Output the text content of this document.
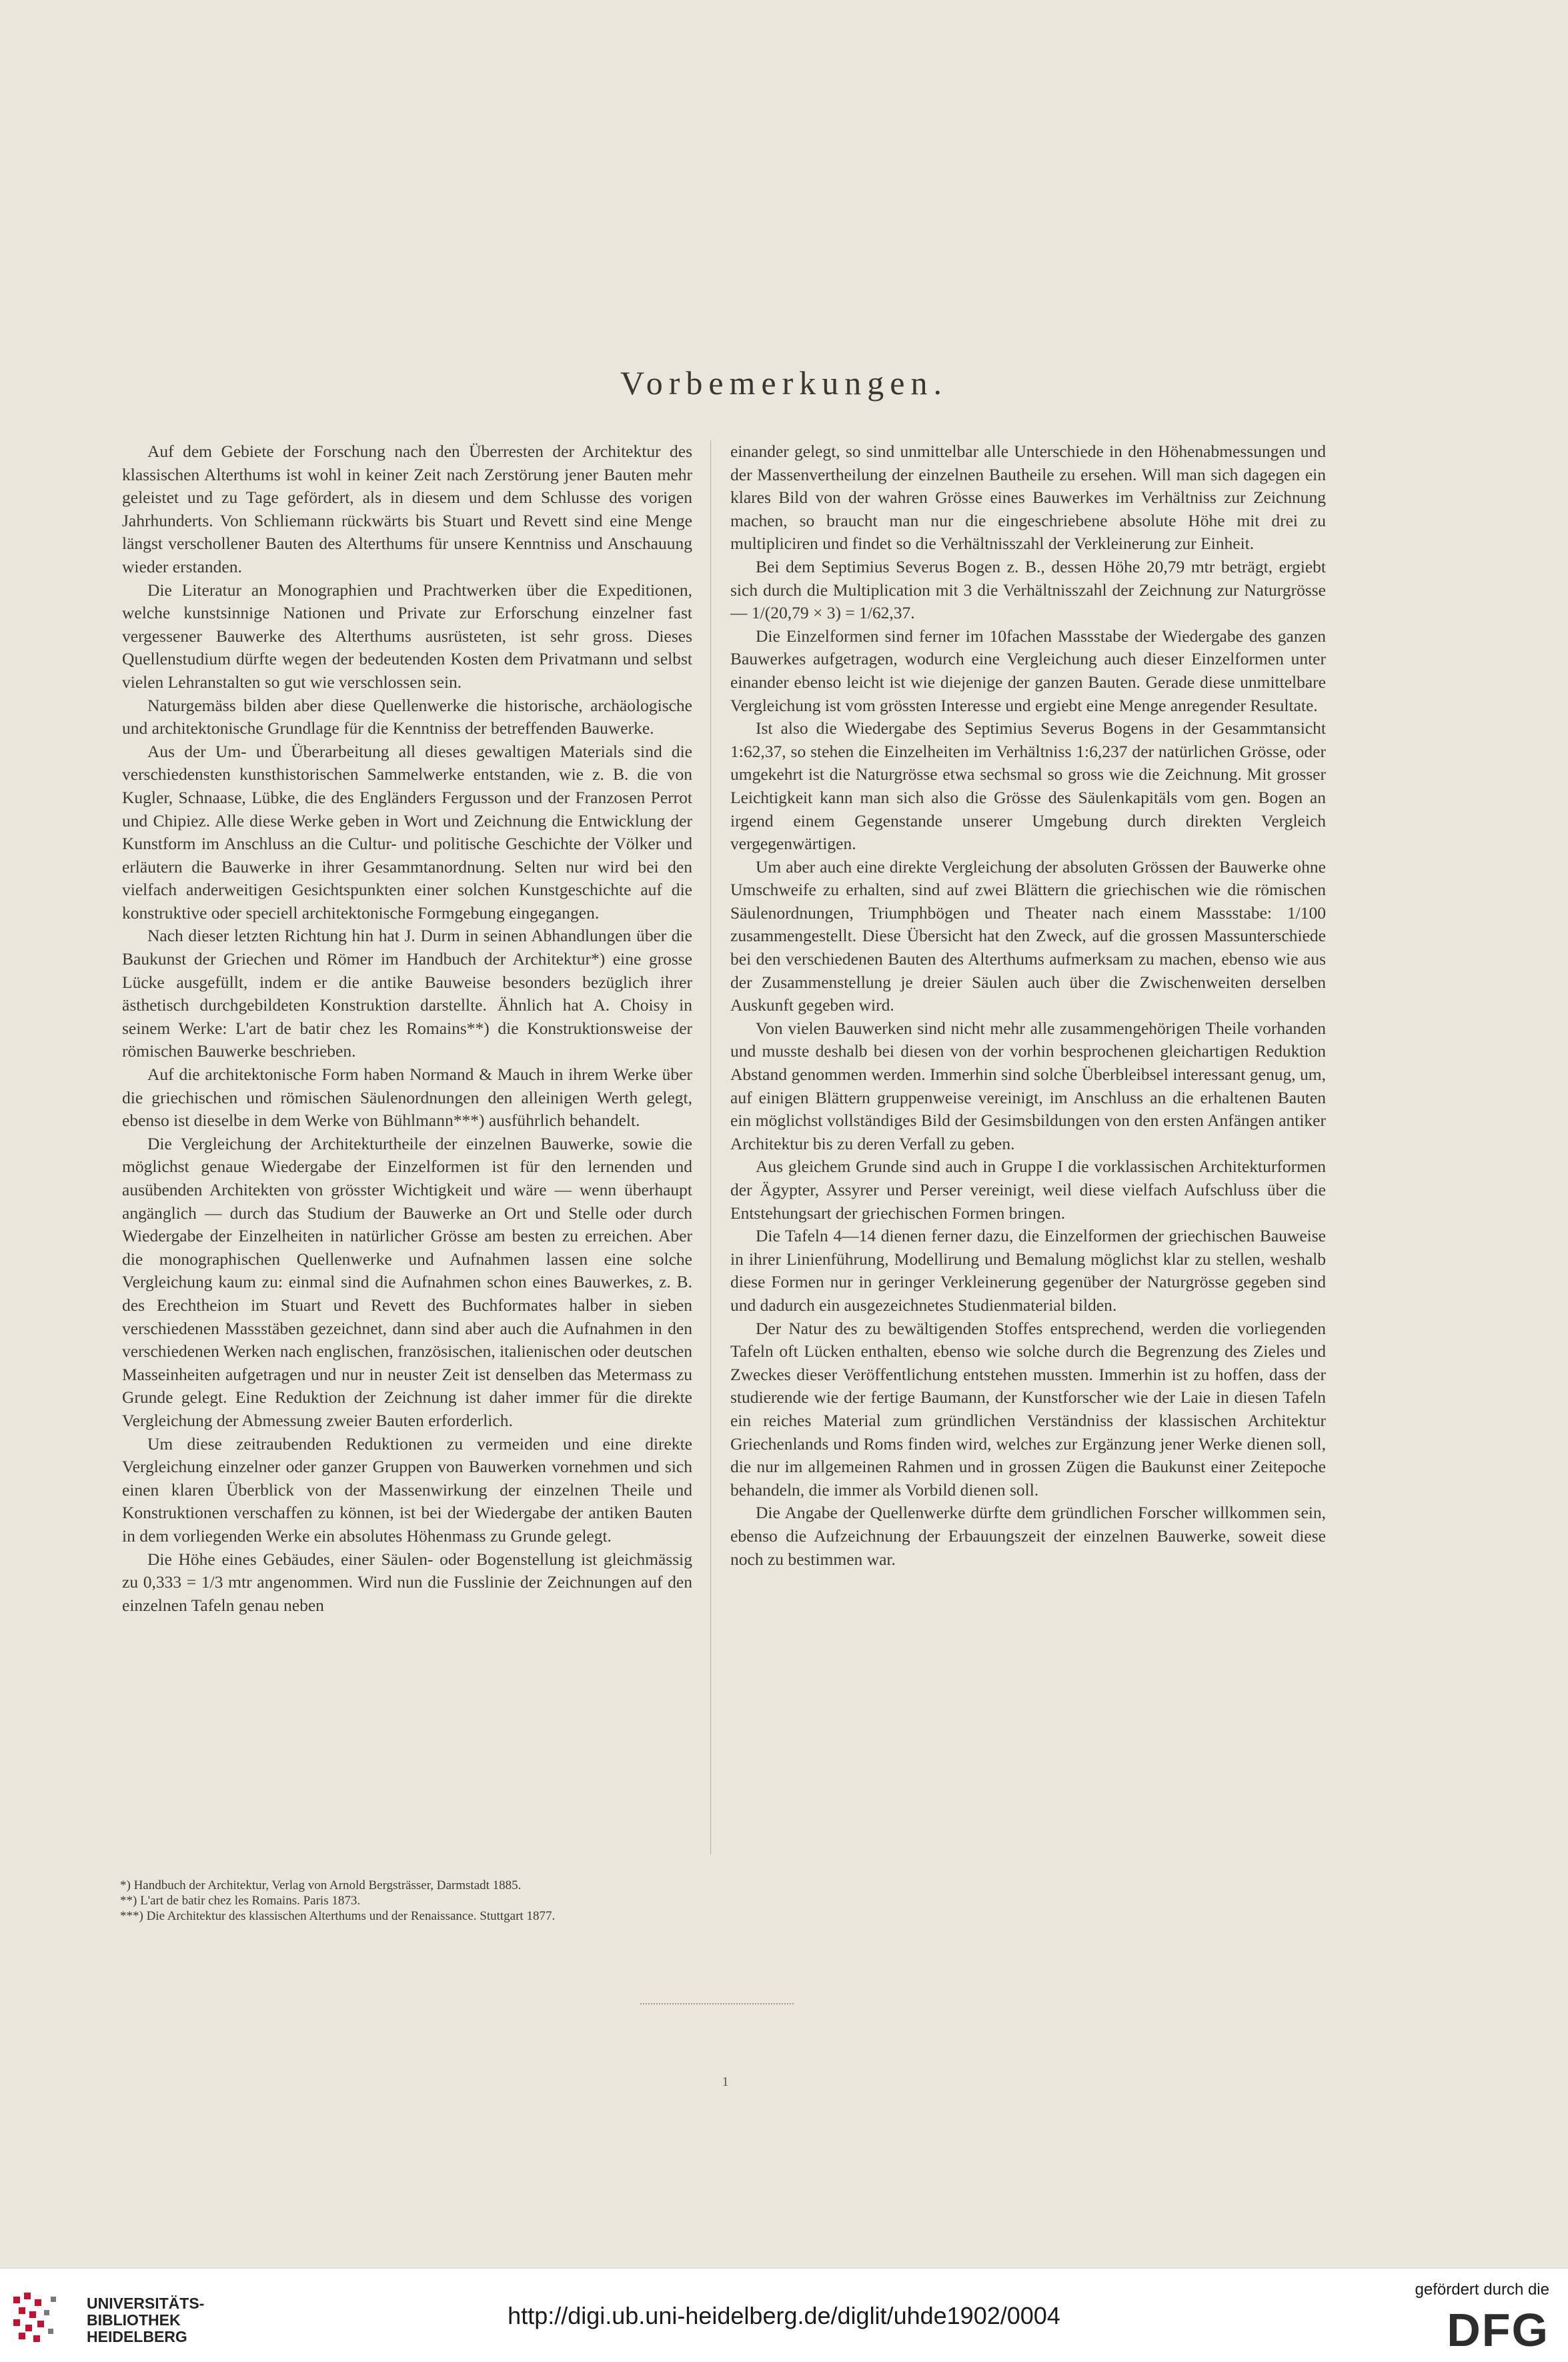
Vorbemerkungen.

Auf dem Gebiete der Forschung nach den Überresten der Architektur des klassischen Alterthums ist wohl in keiner Zeit nach Zerstörung jener Bauten mehr geleistet und zu Tage gefördert, als in diesem und dem Schlusse des vorigen Jahrhunderts. Von Schliemann rückwärts bis Stuart und Revett sind eine Menge längst verschollener Bauten des Alterthums für unsere Kenntniss und Anschauung wieder erstanden.

Die Literatur an Monographien und Prachtwerken über die Expeditionen, welche kunstsinnige Nationen und Private zur Erforschung einzelner fast vergessener Bauwerke des Alterthums ausrüsteten, ist sehr gross. Dieses Quellenstudium dürfte wegen der bedeutenden Kosten dem Privatmann und selbst vielen Lehranstalten so gut wie verschlossen sein.

Naturgemäss bilden aber diese Quellenwerke die historische, archäologische und architektonische Grundlage für die Kenntniss der betreffenden Bauwerke.

Aus der Um- und Überarbeitung all dieses gewaltigen Materials sind die verschiedensten kunsthistorischen Sammelwerke entstanden, wie z. B. die von Kugler, Schnaase, Lübke, die des Engländers Fergusson und der Franzosen Perrot und Chipiez. Alle diese Werke geben in Wort und Zeichnung die Entwicklung der Kunstform im Anschluss an die Cultur- und politische Geschichte der Völker und erläutern die Bauwerke in ihrer Gesammtanordnung. Selten nur wird bei den vielfach anderweitigen Gesichtspunkten einer solchen Kunstgeschichte auf die konstruktive oder speciell architektonische Formgebung eingegangen.

Nach dieser letzten Richtung hin hat J. Durm in seinen Abhandlungen über die Baukunst der Griechen und Römer im Handbuch der Architektur*) eine grosse Lücke ausgefüllt, indem er die antike Bauweise besonders bezüglich ihrer ästhetisch durchgebildeten Konstruktion darstellte. Ähnlich hat A. Choisy in seinem Werke: L'art de batir chez les Romains**) die Konstruktionsweise der römischen Bauwerke beschrieben.

Auf die architektonische Form haben Normand & Mauch in ihrem Werke über die griechischen und römischen Säulenordnungen den alleinigen Werth gelegt, ebenso ist dieselbe in dem Werke von Bühlmann***) ausführlich behandelt.

Die Vergleichung der Architekturtheile der einzelnen Bauwerke, sowie die möglichst genaue Wiedergabe der Einzelformen ist für den lernenden und ausübenden Architekten von grösster Wichtigkeit und wäre — wenn überhaupt angänglich — durch das Studium der Bauwerke an Ort und Stelle oder durch Wiedergabe der Einzelheiten in natürlicher Grösse am besten zu erreichen. Aber die monographischen Quellenwerke und Aufnahmen lassen eine solche Vergleichung kaum zu: einmal sind die Aufnahmen schon eines Bauwerkes, z. B. des Erechtheion im Stuart und Revett des Buchformates halber in sieben verschiedenen Massstäben gezeichnet, dann sind aber auch die Aufnahmen in den verschiedenen Werken nach englischen, französischen, italienischen oder deutschen Masseinheiten aufgetragen und nur in neuster Zeit ist denselben das Metermass zu Grunde gelegt. Eine Reduktion der Zeichnung ist daher immer für die direkte Vergleichung der Abmessung zweier Bauten erforderlich.

Um diese zeitraubenden Reduktionen zu vermeiden und eine direkte Vergleichung einzelner oder ganzer Gruppen von Bauwerken vornehmen und sich einen klaren Überblick von der Massenwirkung der einzelnen Theile und Konstruktionen verschaffen zu können, ist bei der Wiedergabe der antiken Bauten in dem vorliegenden Werke ein absolutes Höhenmass zu Grunde gelegt.

Die Höhe eines Gebäudes, einer Säulen- oder Bogenstellung ist gleichmässig zu 0,333 = 1/3 mtr angenommen. Wird nun die Fusslinie der Zeichnungen auf den einzelnen Tafeln genau neben

einander gelegt, so sind unmittelbar alle Unterschiede in den Höhenabmessungen und der Massenvertheilung der einzelnen Bautheile zu ersehen. Will man sich dagegen ein klares Bild von der wahren Grösse eines Bauwerkes im Verhältniss zur Zeichnung machen, so braucht man nur die eingeschriebene absolute Höhe mit drei zu multipliciren und findet so die Verhältnisszahl der Verkleinerung zur Einheit.

Bei dem Septimius Severus Bogen z. B., dessen Höhe 20,79 mtr beträgt, ergiebt sich durch die Multiplication mit 3 die Verhältnisszahl der Zeichnung zur Naturgrösse — 1/(20,79 × 3) = 1/62,37.

Die Einzelformen sind ferner im 10fachen Massstabe der Wiedergabe des ganzen Bauwerkes aufgetragen, wodurch eine Vergleichung auch dieser Einzelformen unter einander ebenso leicht ist wie diejenige der ganzen Bauten. Gerade diese unmittelbare Vergleichung ist vom grössten Interesse und ergiebt eine Menge anregender Resultate.

Ist also die Wiedergabe des Septimius Severus Bogens in der Gesammtansicht 1:62,37, so stehen die Einzelheiten im Verhältniss 1:6,237 der natürlichen Grösse, oder umgekehrt ist die Naturgrösse etwa sechsmal so gross wie die Zeichnung. Mit grosser Leichtigkeit kann man sich also die Grösse des Säulenkapitäls vom gen. Bogen an irgend einem Gegenstande unserer Umgebung durch direkten Vergleich vergegenwärtigen.

Um aber auch eine direkte Vergleichung der absoluten Grössen der Bauwerke ohne Umschweife zu erhalten, sind auf zwei Blättern die griechischen wie die römischen Säulenordnungen, Triumphbögen und Theater nach einem Massstabe: 1/100 zusammengestellt. Diese Übersicht hat den Zweck, auf die grossen Massunterschiede bei den verschiedenen Bauten des Alterthums aufmerksam zu machen, ebenso wie aus der Zusammenstellung je dreier Säulen auch über die Zwischenweiten derselben Auskunft gegeben wird.

Von vielen Bauwerken sind nicht mehr alle zusammengehörigen Theile vorhanden und musste deshalb bei diesen von der vorhin besprochenen gleichartigen Reduktion Abstand genommen werden. Immerhin sind solche Überbleibsel interessant genug, um, auf einigen Blättern gruppenweise vereinigt, im Anschluss an die erhaltenen Bauten ein möglichst vollständiges Bild der Gesimsbildungen von den ersten Anfängen antiker Architektur bis zu deren Verfall zu geben.

Aus gleichem Grunde sind auch in Gruppe I die vorklassischen Architekturformen der Ägypter, Assyrer und Perser vereinigt, weil diese vielfach Aufschluss über die Entstehungsart der griechischen Formen bringen.

Die Tafeln 4—14 dienen ferner dazu, die Einzelformen der griechischen Bauweise in ihrer Linienführung, Modellirung und Bemalung möglichst klar zu stellen, weshalb diese Formen nur in geringer Verkleinerung gegenüber der Naturgrösse gegeben sind und dadurch ein ausgezeichnetes Studienmaterial bilden.

Der Natur des zu bewältigenden Stoffes entsprechend, werden die vorliegenden Tafeln oft Lücken enthalten, ebenso wie solche durch die Begrenzung des Zieles und Zweckes dieser Veröffentlichung entstehen mussten. Immerhin ist zu hoffen, dass der studierende wie der fertige Baumann, der Kunstforscher wie der Laie in diesen Tafeln ein reiches Material zum gründlichen Verständniss der klassischen Architektur Griechenlands und Roms finden wird, welches zur Ergänzung jener Werke dienen soll, die nur im allgemeinen Rahmen und in grossen Zügen die Baukunst einer Zeitepoche behandeln, die immer als Vorbild dienen soll.

Die Angabe der Quellenwerke dürfte dem gründlichen Forscher willkommen sein, ebenso die Aufzeichnung der Erbauungszeit der einzelnen Bauwerke, soweit diese noch zu bestimmen war.

*) Handbuch der Architektur, Verlag von Arnold Bergsträsser, Darmstadt 1885.
**) L'art de batir chez les Romains. Paris 1873.
***) Die Architektur des klassischen Alterthums und der Renaissance. Stuttgart 1877.
1
UNIVERSITÄTS-
BIBLIOTHEK
HEIDELBERG
http://digi.ub.uni-heidelberg.de/diglit/uhde1902/0004
gefördert durch die
DFG
